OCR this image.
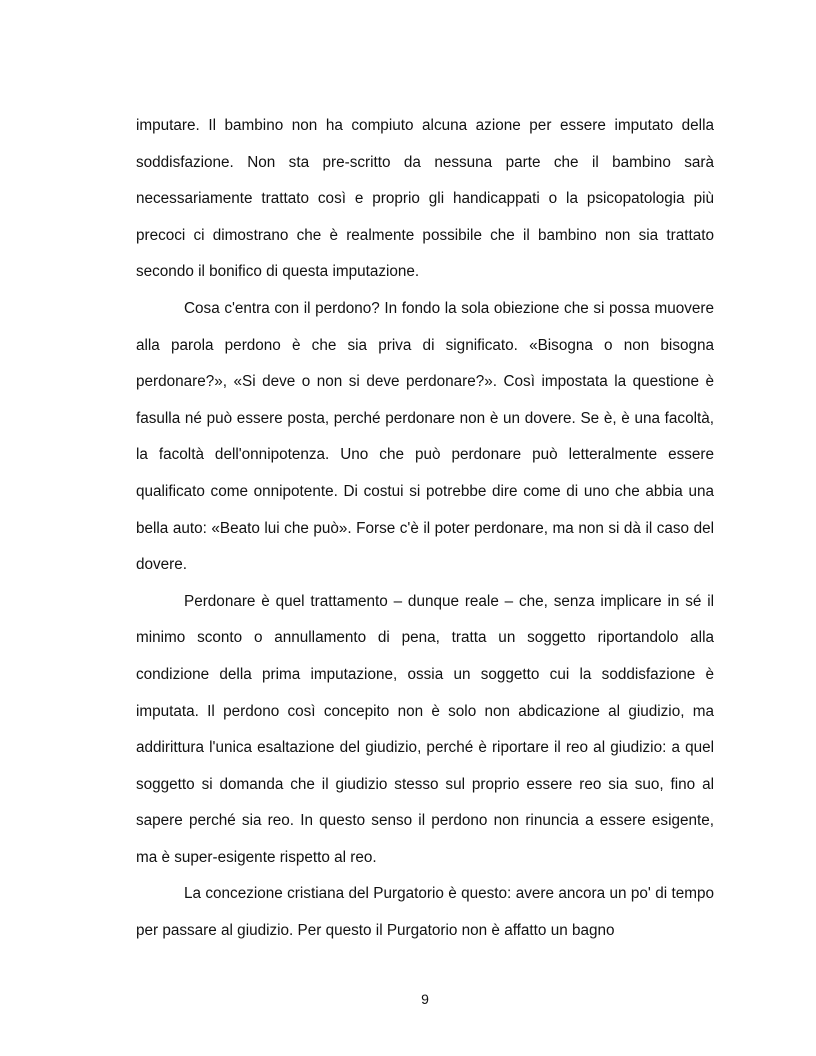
imputare. Il bambino non ha compiuto alcuna azione per essere imputato della soddisfazione. Non sta pre-scritto da nessuna parte che il bambino sarà necessariamente trattato così e proprio gli handicappati o la psicopatologia più precoci ci dimostrano che è realmente possibile che il bambino non sia trattato secondo il bonifico di questa imputazione.

Cosa c'entra con il perdono? In fondo la sola obiezione che si possa muovere alla parola perdono è che sia priva di significato. «Bisogna o non bisogna perdonare?», «Si deve o non si deve perdonare?». Così impostata la questione è fasulla né può essere posta, perché perdonare non è un dovere. Se è, è una facoltà, la facoltà dell'onnipotenza. Uno che può perdonare può letteralmente essere qualificato come onnipotente. Di costui si potrebbe dire come di uno che abbia una bella auto: «Beato lui che può». Forse c'è il poter perdonare, ma non si dà il caso del dovere.

Perdonare è quel trattamento – dunque reale – che, senza implicare in sé il minimo sconto o annullamento di pena, tratta un soggetto riportandolo alla condizione della prima imputazione, ossia un soggetto cui la soddisfazione è imputata. Il perdono così concepito non è solo non abdicazione al giudizio, ma addirittura l'unica esaltazione del giudizio, perché è riportare il reo al giudizio: a quel soggetto si domanda che il giudizio stesso sul proprio essere reo sia suo, fino al sapere perché sia reo. In questo senso il perdono non rinuncia a essere esigente, ma è super-esigente rispetto al reo.

La concezione cristiana del Purgatorio è questo: avere ancora un po' di tempo per passare al giudizio. Per questo il Purgatorio non è affatto un bagno

9
